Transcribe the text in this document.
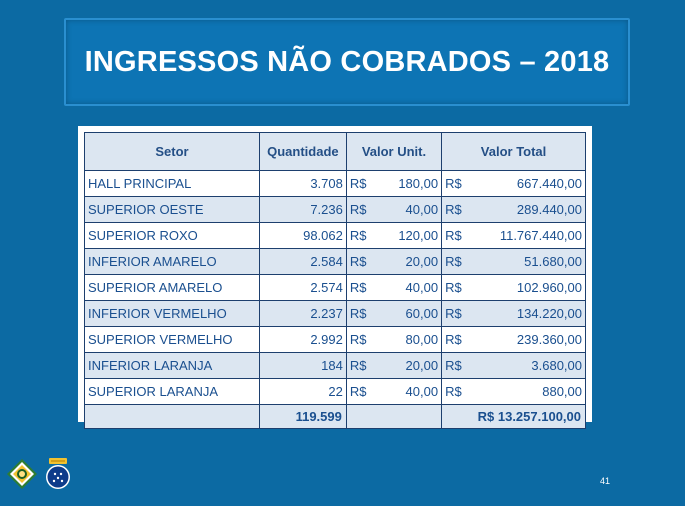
INGRESSOS NÃO COBRADOS – 2018
Setor	Quantidade	Valor Unit.		Valor Total	
HALL PRINCIPAL	3.708	R$	180,00	R$	667.440,00
SUPERIOR OESTE	7.236	R$	40,00	R$	289.440,00
SUPERIOR ROXO	98.062	R$	120,00	R$	11.767.440,00
INFERIOR AMARELO	2.584	R$	20,00	R$	51.680,00
SUPERIOR AMARELO	2.574	R$	40,00	R$	102.960,00
INFERIOR VERMELHO	2.237	R$	60,00	R$	134.220,00
SUPERIOR VERMELHO	2.992	R$	80,00	R$	239.360,00
INFERIOR LARANJA	184	R$	20,00	R$	3.680,00
SUPERIOR LARANJA	22	R$	40,00	R$	880,00
	119.599			R$ 13.257.100,00	
41
